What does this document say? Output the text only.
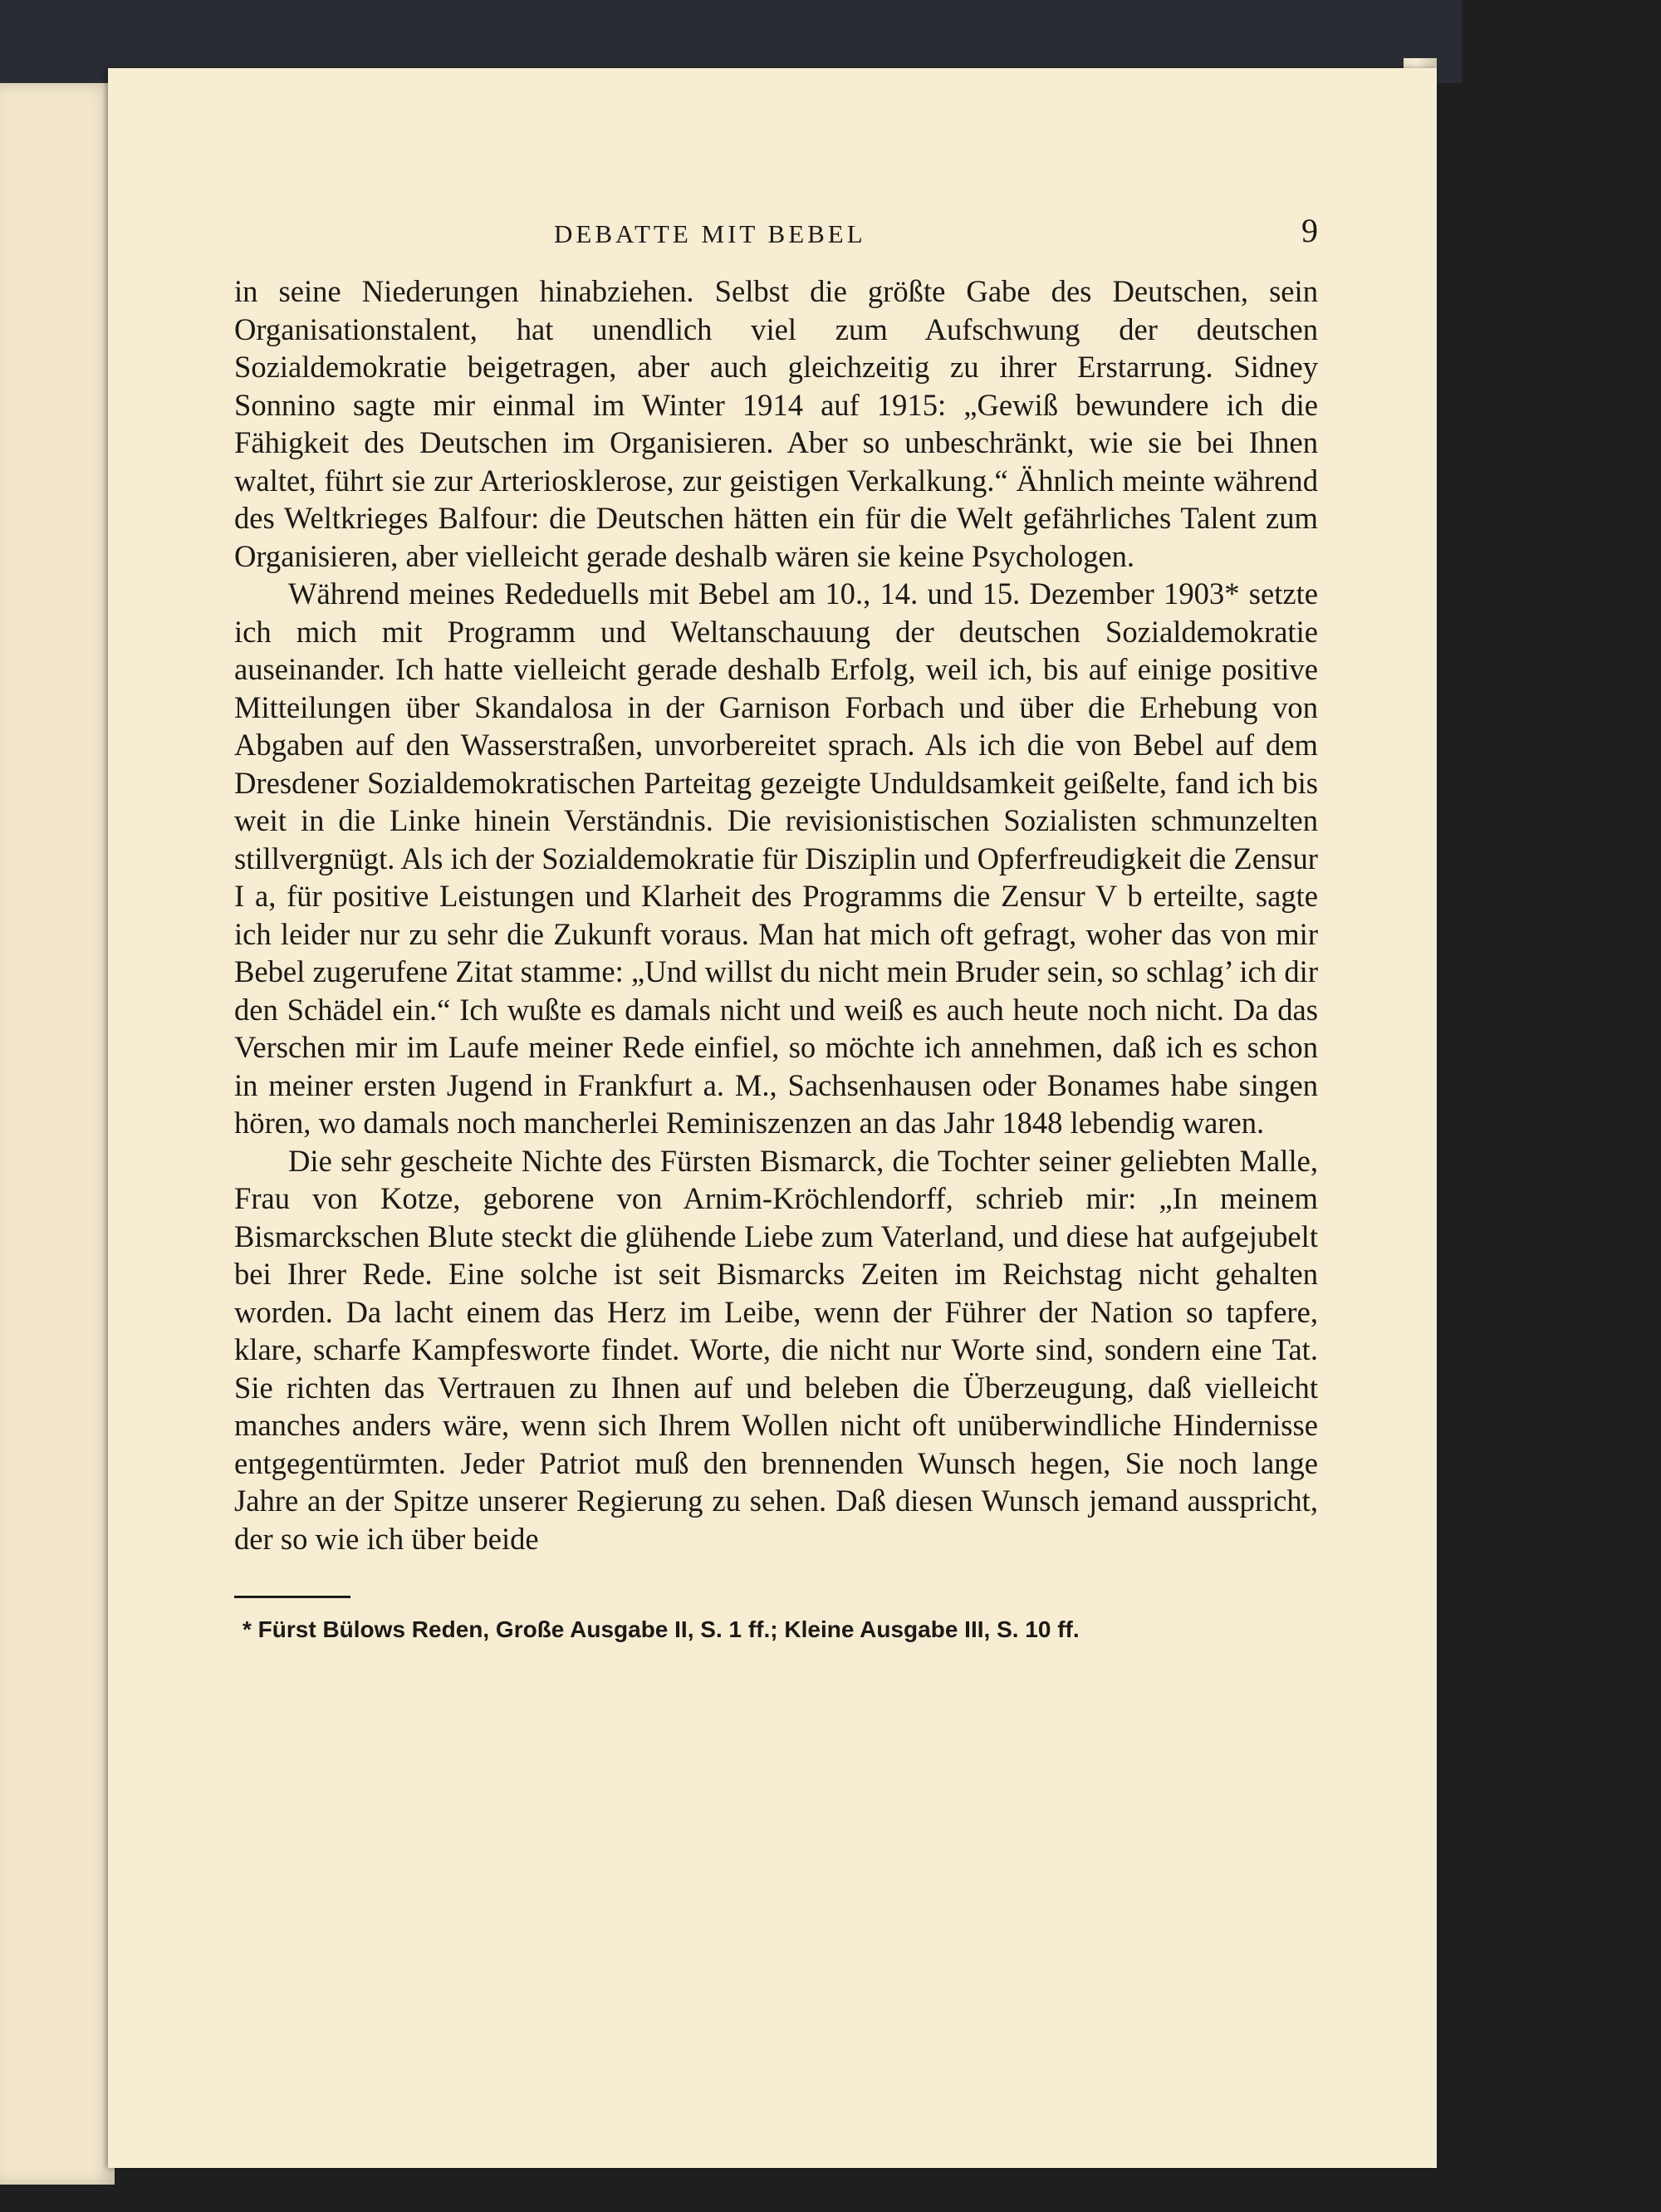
DEBATTE MIT BEBEL	9

in seine Niederungen hinabziehen. Selbst die größte Gabe des Deutschen, sein Organisationstalent, hat unendlich viel zum Aufschwung der deutschen Sozialdemokratie beigetragen, aber auch gleichzeitig zu ihrer Erstarrung. Sidney Sonnino sagte mir einmal im Winter 1914 auf 1915: „Gewiß bewundere ich die Fähigkeit des Deutschen im Organisieren. Aber so unbeschränkt, wie sie bei Ihnen waltet, führt sie zur Arteriosklerose, zur geistigen Verkalkung.“ Ähnlich meinte während des Weltkrieges Balfour: die Deutschen hätten ein für die Welt gefährliches Talent zum Organisieren, aber vielleicht gerade deshalb wären sie keine Psychologen.

Während meines Rededuells mit Bebel am 10., 14. und 15. Dezember 1903* setzte ich mich mit Programm und Weltanschauung der deutschen Sozialdemokratie auseinander. Ich hatte vielleicht gerade deshalb Erfolg, weil ich, bis auf einige positive Mitteilungen über Skandalosa in der Garnison Forbach und über die Erhebung von Abgaben auf den Wasserstraßen, unvorbereitet sprach. Als ich die von Bebel auf dem Dresdener Sozialdemokratischen Parteitag gezeigte Unduldsamkeit geißelte, fand ich bis weit in die Linke hinein Verständnis. Die revisionistischen Sozialisten schmunzelten stillvergnügt. Als ich der Sozialdemokratie für Disziplin und Opferfreudigkeit die Zensur I a, für positive Leistungen und Klarheit des Programms die Zensur V b erteilte, sagte ich leider nur zu sehr die Zukunft voraus. Man hat mich oft gefragt, woher das von mir Bebel zugerufene Zitat stamme: „Und willst du nicht mein Bruder sein, so schlag’ ich dir den Schädel ein.“ Ich wußte es damals nicht und weiß es auch heute noch nicht. Da das Verschen mir im Laufe meiner Rede einfiel, so möchte ich annehmen, daß ich es schon in meiner ersten Jugend in Frankfurt a. M., Sachsenhausen oder Bonames habe singen hören, wo damals noch mancherlei Reminiszenzen an das Jahr 1848 lebendig waren.

Die sehr gescheite Nichte des Fürsten Bismarck, die Tochter seiner geliebten Malle, Frau von Kotze, geborene von Arnim-Kröchlendorff, schrieb mir: „In meinem Bismarckschen Blute steckt die glühende Liebe zum Vaterland, und diese hat aufgejubelt bei Ihrer Rede. Eine solche ist seit Bismarcks Zeiten im Reichstag nicht gehalten worden. Da lacht einem das Herz im Leibe, wenn der Führer der Nation so tapfere, klare, scharfe Kampfesworte findet. Worte, die nicht nur Worte sind, sondern eine Tat. Sie richten das Vertrauen zu Ihnen auf und beleben die Überzeugung, daß vielleicht manches anders wäre, wenn sich Ihrem Wollen nicht oft unüberwindliche Hindernisse entgegentürmten. Jeder Patriot muß den brennenden Wunsch hegen, Sie noch lange Jahre an der Spitze unserer Regierung zu sehen. Daß diesen Wunsch jemand ausspricht, der so wie ich über beide

* Fürst Bülows Reden, Große Ausgabe II, S. 1 ff.; Kleine Ausgabe III, S. 10 ff.
